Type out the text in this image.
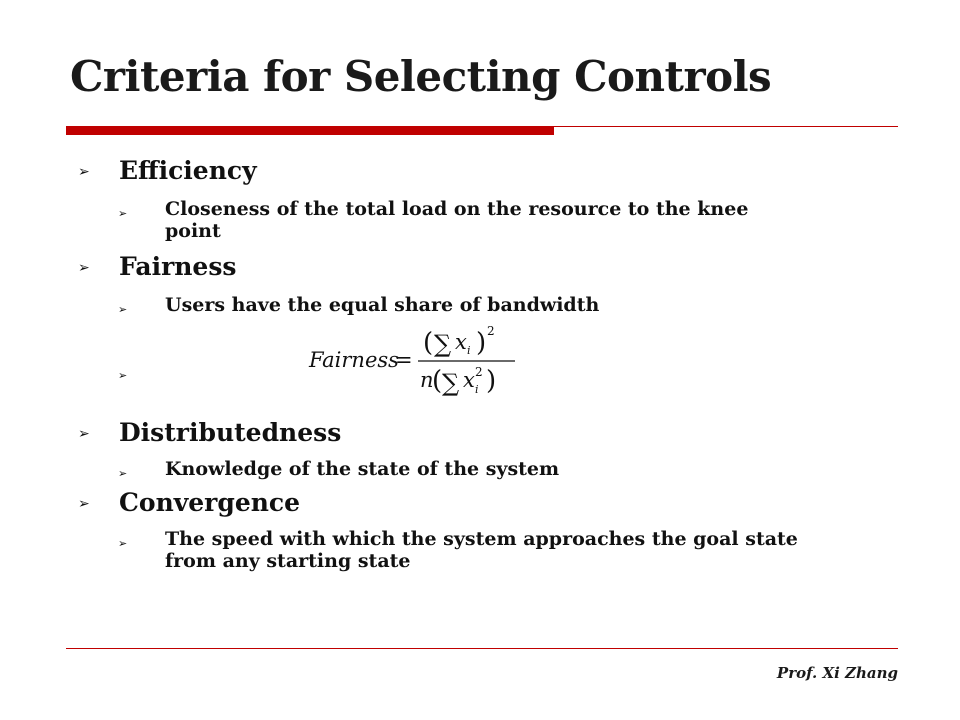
Criteria for Selecting Controls
➢ Efficiency
➢ Closeness of the total load on the resource to the knee point
➢ Fairness
➢ Users have the equal share of bandwidth
➢
➢ Distributedness
➢ Knowledge of the state of the system
➢ Convergence
➢ The speed with which the system approaches the goal state from any starting state
Fairness
=
( ∑ x i ) 2
n
( ∑ x i
2 )
Prof. Xi Zhang
